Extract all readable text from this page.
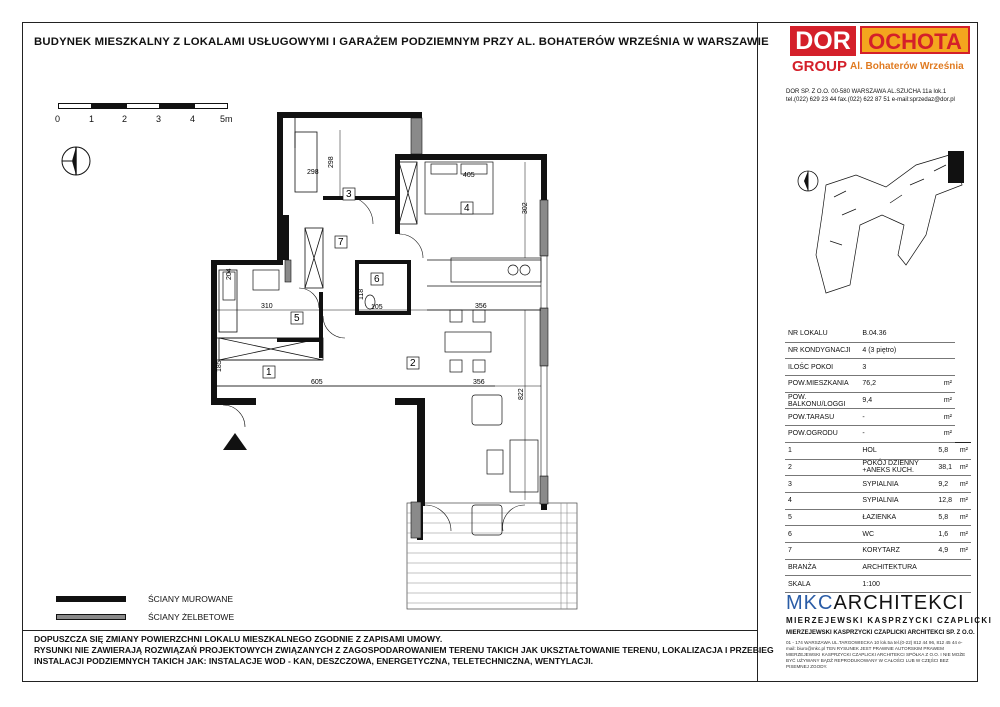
BUDYNEK MIESZKALNY Z LOKALAMI USŁUGOWYMI I GARAŻEM PODZIEMNYM PRZY AL. BOHATERÓW WRZEŚNIA W WARSZAWIE
0	1	2	3	4	5m
1
2
3
4
5
6
7
298
298
405
302
204
310	356
105
118
185
605	356
822
ŚCIANY MUROWANE
ŚCIANY ŻELBETOWE
DOPUSZCZA SIĘ ZMIANY POWIERZCHNI LOKALU MIESZKALNEGO ZGODNIE Z ZAPISAMI UMOWY.
RYSUNKI NIE ZAWIERAJĄ ROZWIĄZAŃ PROJEKTOWYCH ZWIĄZANYCH Z ZAGOSPODAROWANIEM TERENU TAKICH JAK UKSZTAŁTOWANIE TERENU, LOKALIZACJA I PRZEBIEG
INSTALACJI PODZIEMNYCH TAKICH JAK: INSTALACJE WOD - KAN, DESZCZOWA, ENERGETYCZNA, TELETECHNICZNA, WENTYLACJI.
DOR OCHOTA
GROUP Al. Bohaterów Września
DOR SP. Z O.O. 00-580 WARSZAWA AL.SZUCHA 11a lok.1
tel.(022) 629 23 44 fax.(022) 622 87 51 e-mail:sprzedaz@dor.pl
NR LOKALU	B.04.36		
NR KONDYGNACJI	4 (3 piętro)		
ILOŚC POKOI	3		
POW.MIESZKANIA	76,2	m²	
POW. BALKONU/LOGGI	9,4	m²	
POW.TARASU	-	m²	
POW.OGRODU	-	m²	
1	HOL	5,8	m²
2	POKÓJ DZIENNY +ANEKS KUCH.	38,1	m²
3	SYPIALNIA	9,2	m²
4	SYPIALNIA	12,8	m²
5	ŁAZIENKA	5,8	m²
6	WC	1,6	m²
7	KORYTARZ	4,9	m²
BRANŻA	ARCHITEKTURA		
SKALA	1:100		
MKCARCHITEKCI
MIERZEJEWSKI KASPRZYCKI CZAPLICKI
MIERZEJEWSKI KASPRZYCKI CZAPLICKI ARCHITEKCI SP. Z O.O.
01 - 174 WARSZAWA UL.TARGOWIECKA 10 lok.5a tel.(0-22) 812 44 96, 812 45 44 e-mail: biuro@mkc.pl TEN RYSUNEK JEST PRAWNIE AUTORSKIM PRAWEM MIERZEJEWSKI KASPRZYCKI CZAPLICKI ARCHITEKCI SPÓŁKA Z O.O. I NIE MOŻE BYĆ UŻYWANY BĄDŹ REPRODUKOWANY W CAŁOŚCI LUB W CZĘŚCI BEZ PISEMNEJ ZGODY.
